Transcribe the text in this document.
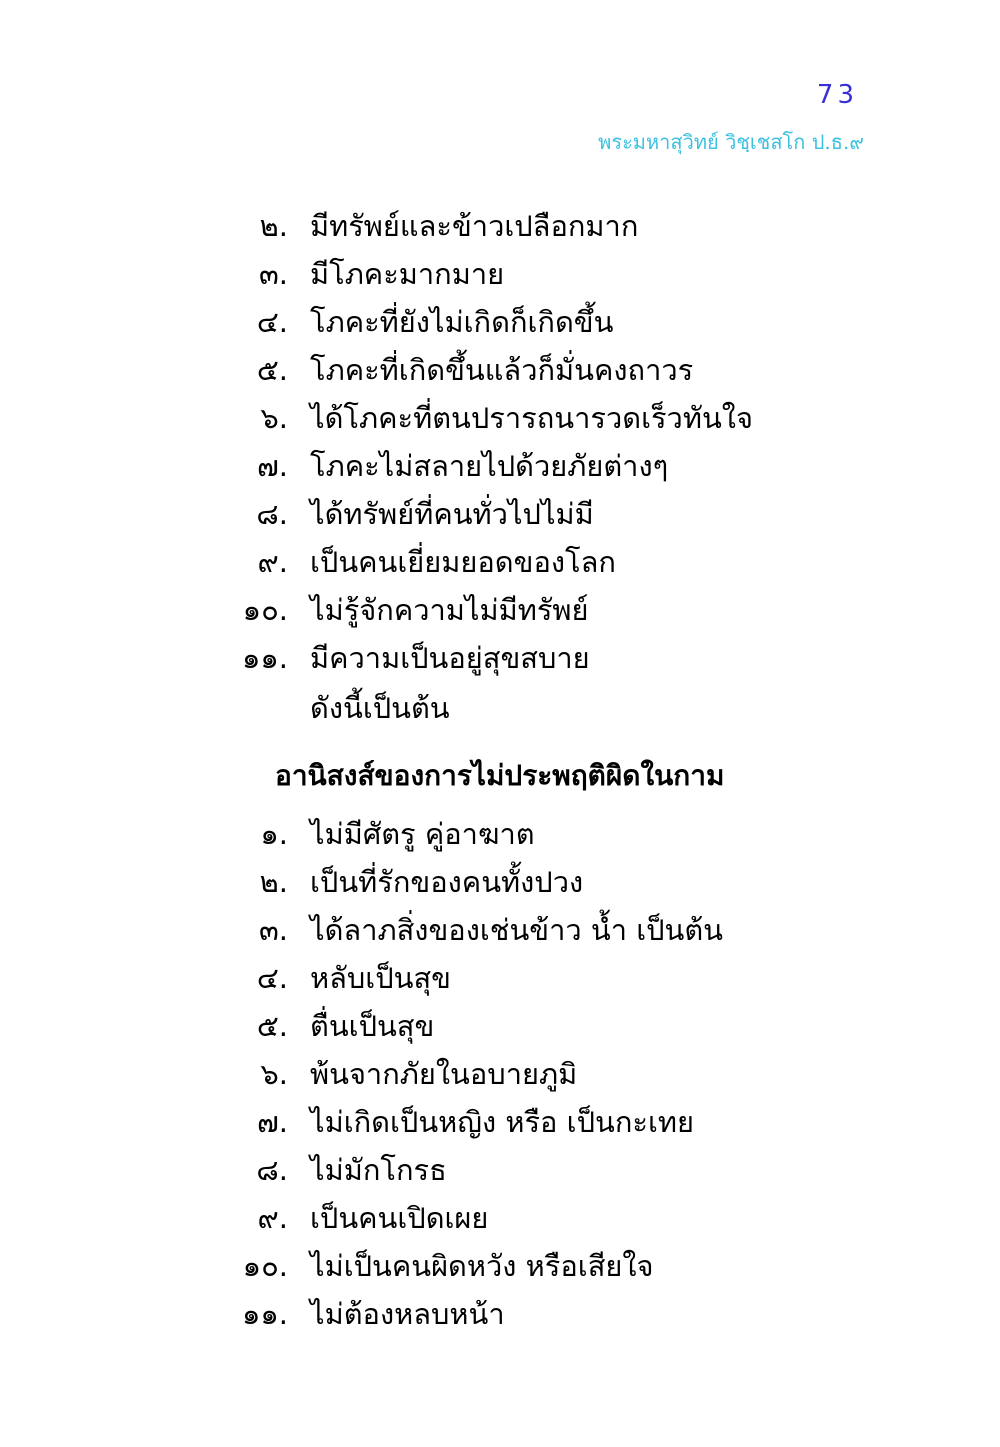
73
พระมหาสุวิทย์ วิชฺเชสโก ป.ธ.๙
๒. มีทรัพย์และข้าวเปลือกมาก
๓. มีโภคะมากมาย
๔. โภคะที่ยังไม่เกิดก็เกิดขึ้น
๕. โภคะที่เกิดขึ้นแล้วก็มั่นคงถาวร
๖. ได้โภคะที่ตนปรารถนารวดเร็วทันใจ
๗. โภคะไม่สลายไปด้วยภัยต่างๆ
๘. ได้ทรัพย์ที่คนทั่วไปไม่มี
๙. เป็นคนเยี่ยมยอดของโลก
๑๐. ไม่รู้จักความไม่มีทรัพย์
๑๑. มีความเป็นอยู่สุขสบาย
ดังนี้เป็นต้น
อานิสงส์ของการไม่ประพฤติผิดในกาม
๑. ไม่มีศัตรู คู่อาฆาต
๒. เป็นที่รักของคนทั้งปวง
๓. ได้ลาภสิ่งของเช่นข้าว น้ำ เป็นต้น
๔. หลับเป็นสุข
๕. ตื่นเป็นสุข
๖. พ้นจากภัยในอบายภูมิ
๗. ไม่เกิดเป็นหญิง หรือ เป็นกะเทย
๘. ไม่มักโกรธ
๙. เป็นคนเปิดเผย
๑๐. ไม่เป็นคนผิดหวัง หรือเสียใจ
๑๑. ไม่ต้องหลบหน้า
